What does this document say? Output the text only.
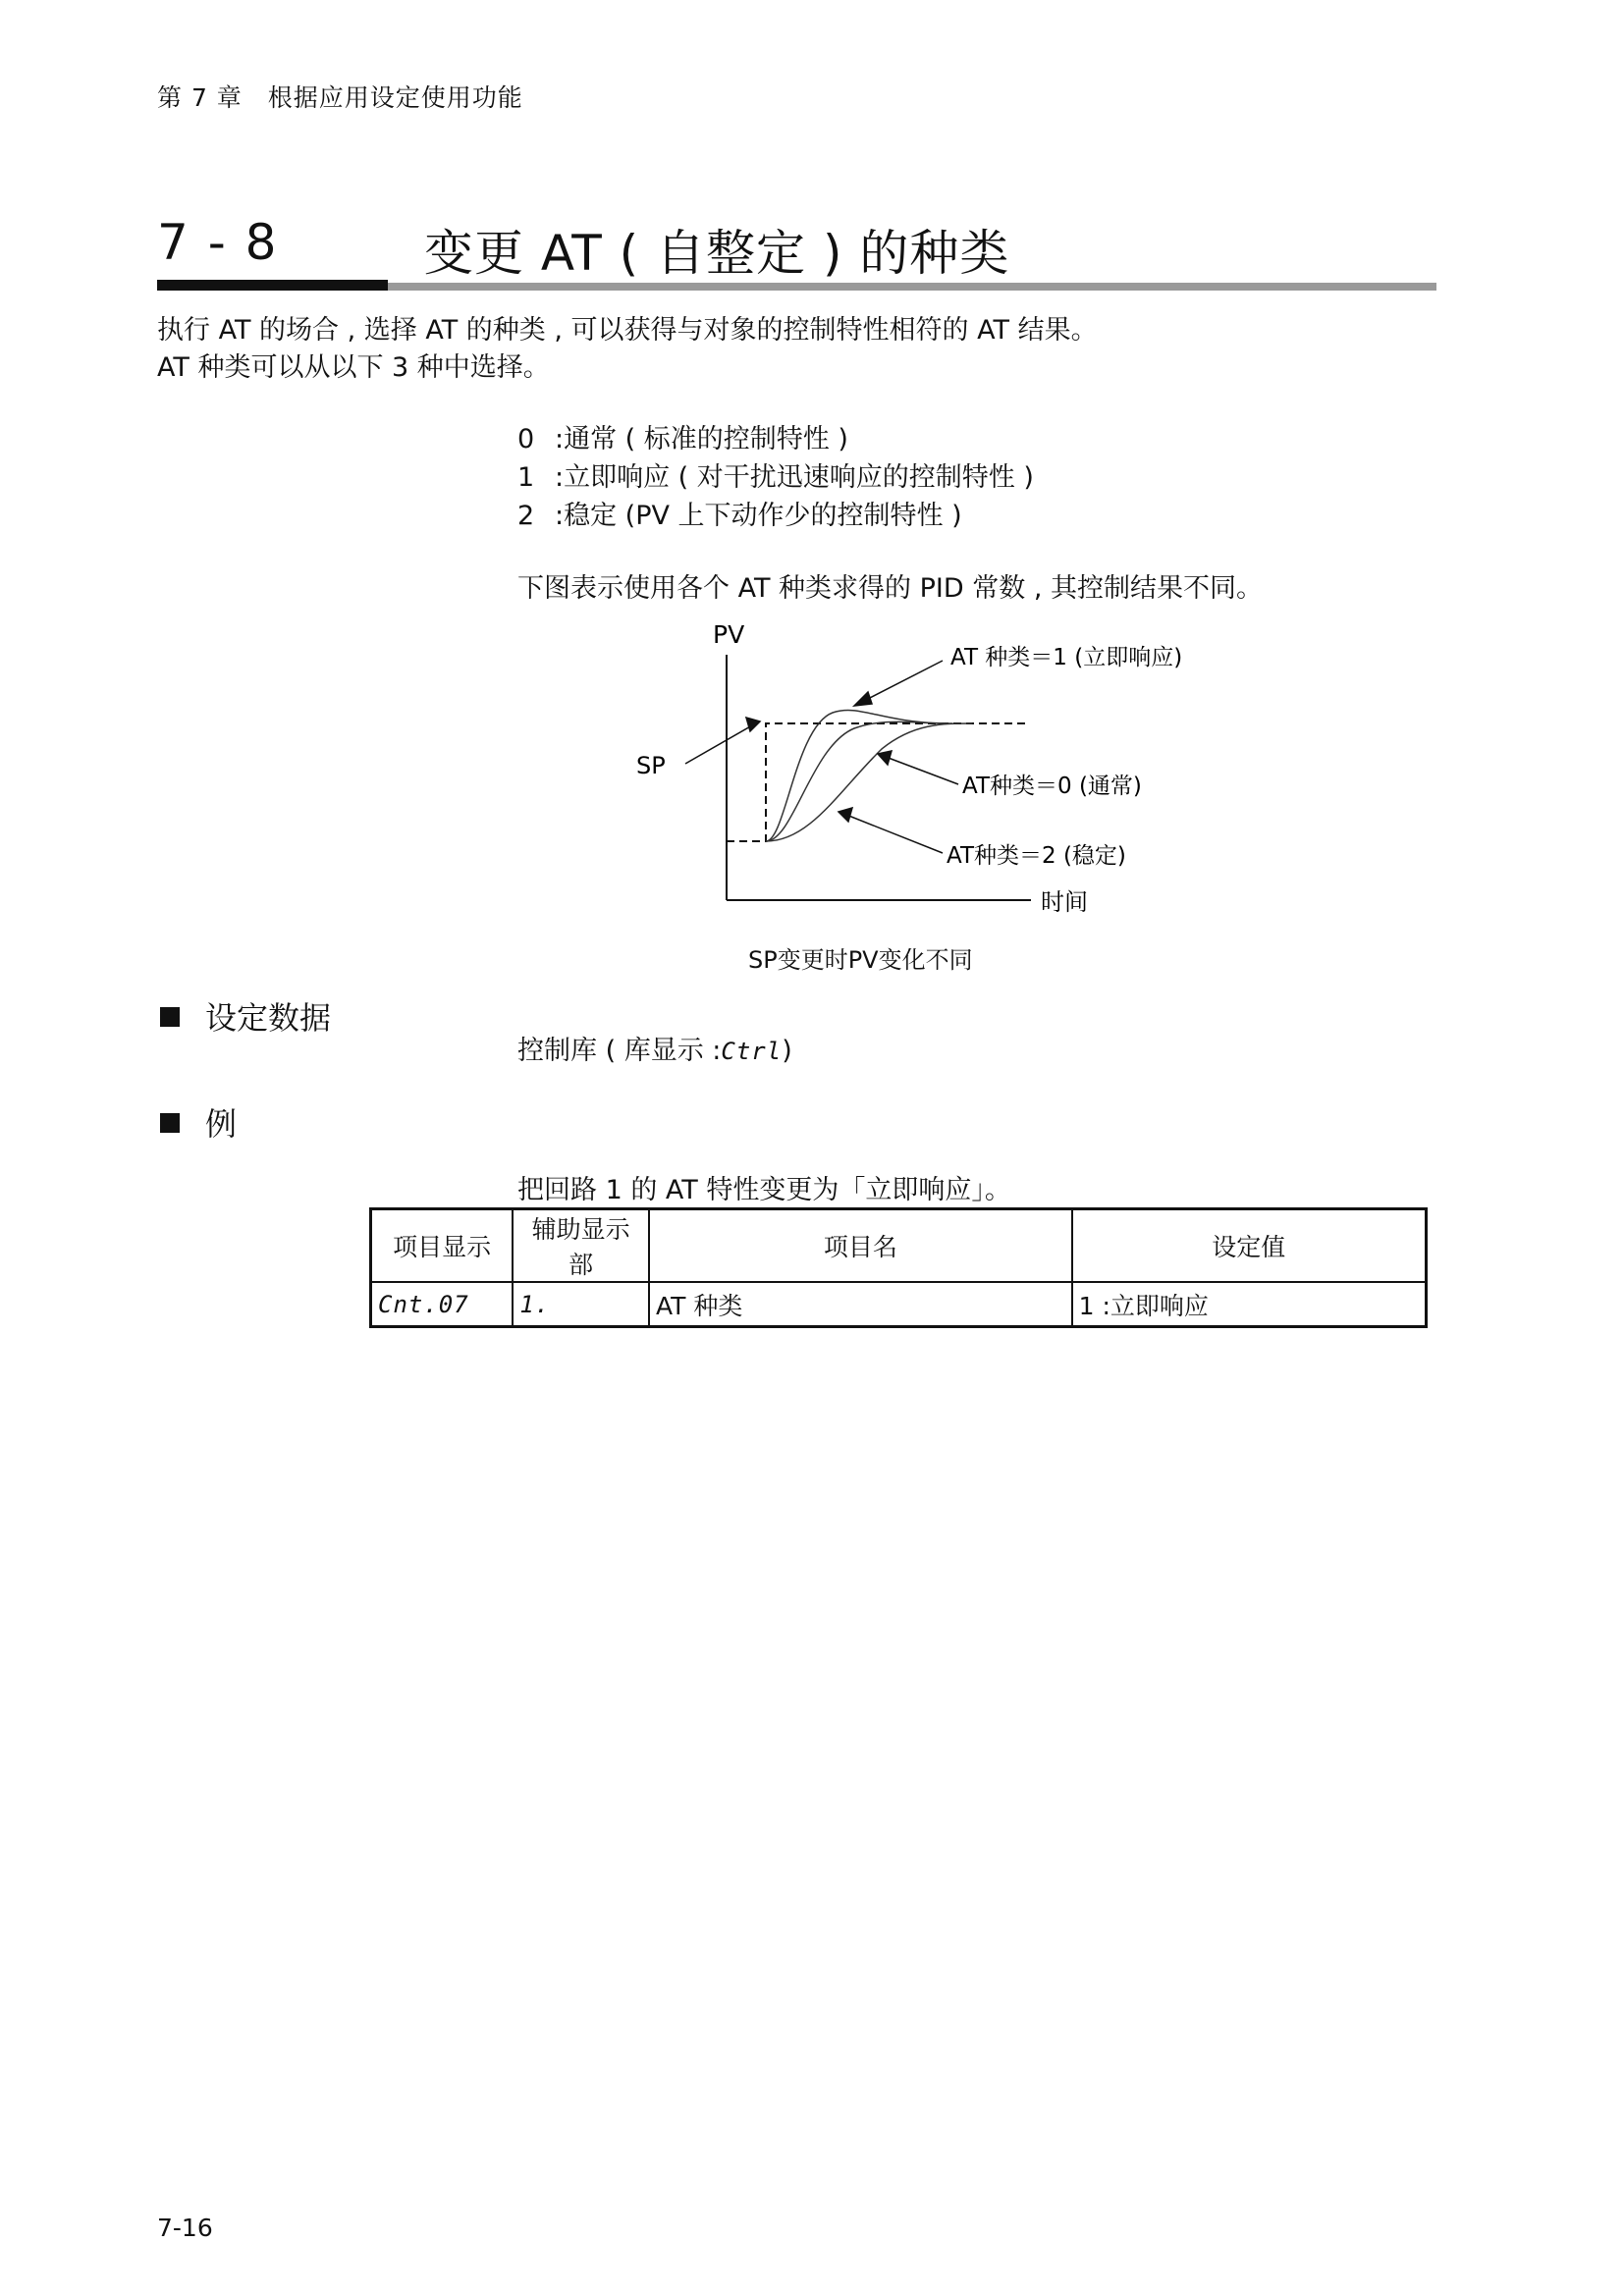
第 7 章　根据应用设定使用功能
7 - 8	变更 AT ( 自整定 ) 的种类
执行 AT 的场合 , 选择 AT 的种类 , 可以获得与对象的控制特性相符的 AT 结果。
AT 种类可以从以下 3 种中选择。
0 :通常 ( 标准的控制特性 )
1 :立即响应 ( 对干扰迅速响应的控制特性 )
2 :稳定 (PV 上下动作少的控制特性 )
下图表示使用各个 AT 种类求得的 PID 常数 , 其控制结果不同。
PV
SP
AT 种类＝1 (立即响应)
AT种类＝0 (通常)
AT种类＝2 (稳定)
时间
SP变更时PV变化不同
设定数据
控制库 ( 库显示 :Ctrl)
例
把回路 1 的 AT 特性变更为「立即响应」。
项目显示	辅助显示部	项目名	设定值
Cnt.07	1.	AT 种类	1 :立即响应
7-16
